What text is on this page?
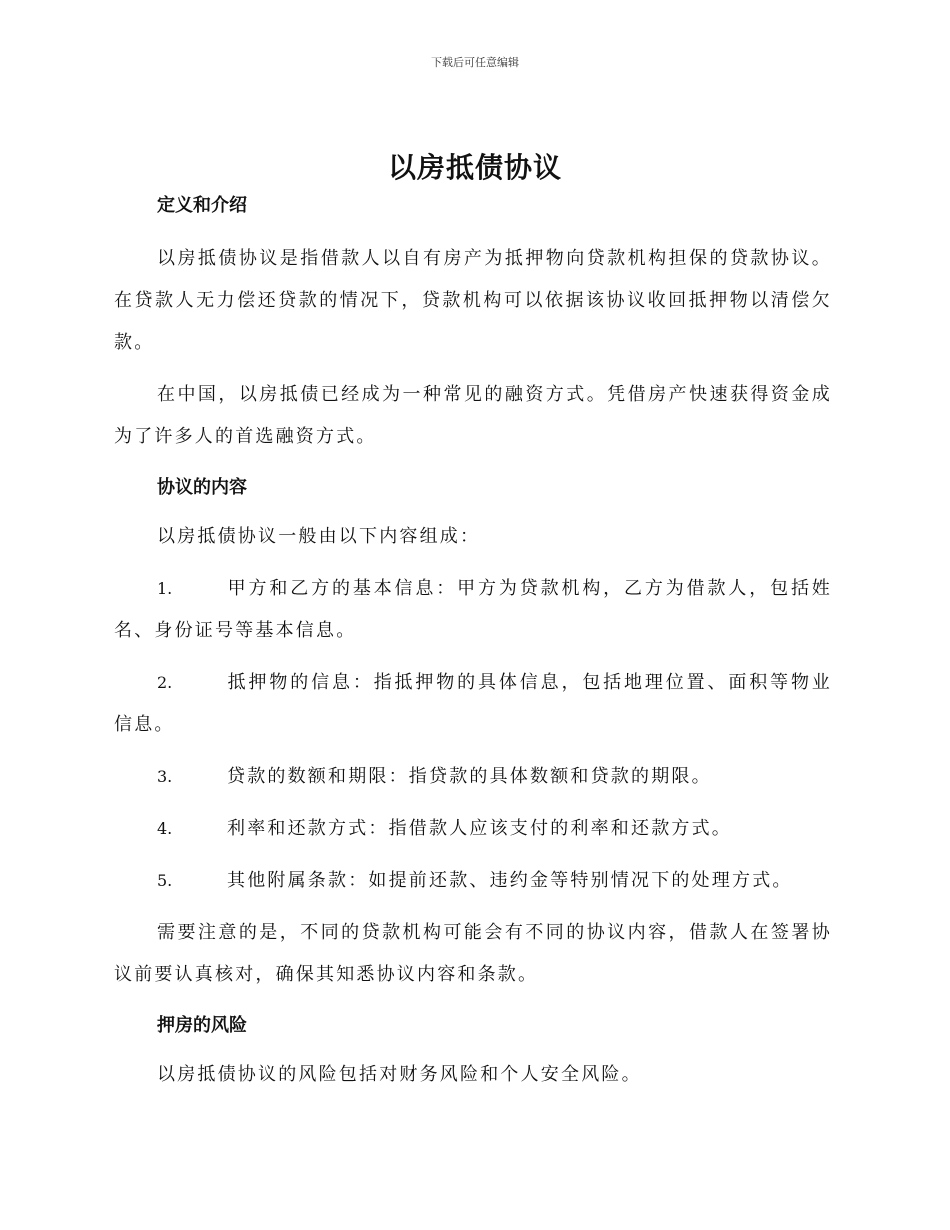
下载后可任意编辑
以房抵债协议
定义和介绍

以房抵债协议是指借款人以自有房产为抵押物向贷款机构担保的贷款协议。在贷款人无力偿还贷款的情况下，贷款机构可以依据该协议收回抵押物以清偿欠款。

在中国，以房抵债已经成为一种常见的融资方式。凭借房产快速获得资金成为了许多人的首选融资方式。

协议的内容

以房抵债协议一般由以下内容组成：

1.	甲方和乙方的基本信息：甲方为贷款机构，乙方为借款人，包括姓名、身份证号等基本信息。

2.	抵押物的信息：指抵押物的具体信息，包括地理位置、面积等物业信息。

3.	贷款的数额和期限：指贷款的具体数额和贷款的期限。

4.	利率和还款方式：指借款人应该支付的利率和还款方式。

5.	其他附属条款：如提前还款、违约金等特别情况下的处理方式。

需要注意的是，不同的贷款机构可能会有不同的协议内容，借款人在签署协议前要认真核对，确保其知悉协议内容和条款。

押房的风险

以房抵债协议的风险包括对财务风险和个人安全风险。
